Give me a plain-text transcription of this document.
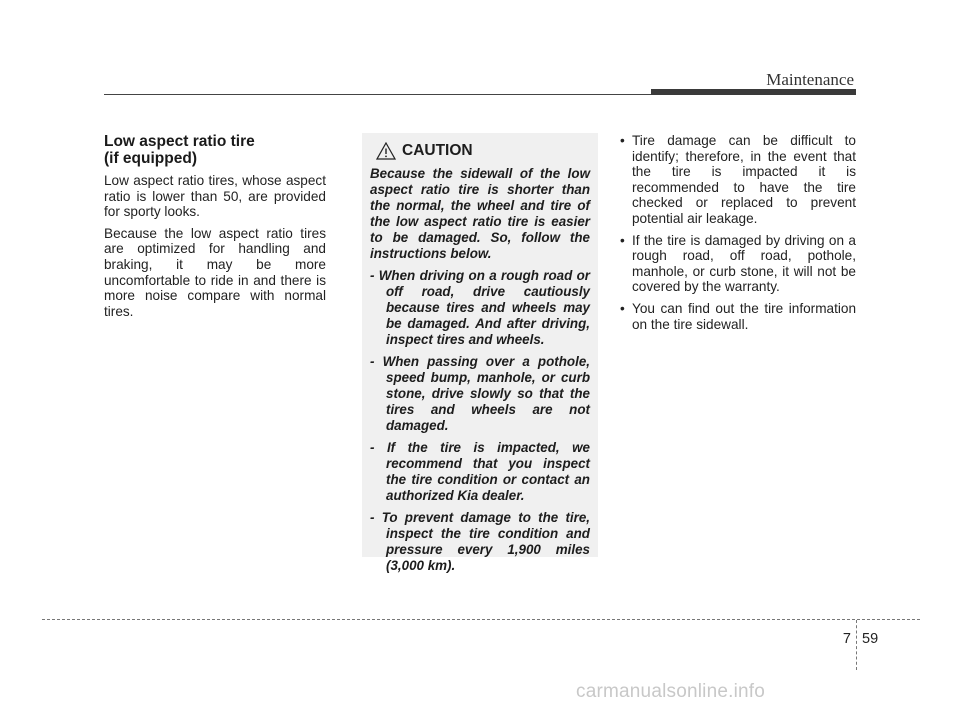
Maintenance
Low aspect ratio tire
(if equipped)

Low aspect ratio tires, whose aspect ratio is lower than 50, are provided for sporty looks.

Because the low aspect ratio tires are optimized for handling and braking, it may be more uncomfortable to ride in and there is more noise compare with normal tires.

CAUTION

Because the sidewall of the low aspect ratio tire is shorter than the normal, the wheel and tire of the low aspect ratio tire is easier to be damaged. So, follow the instructions below.

- When driving on a rough road or off road, drive cautiously because tires and wheels may be damaged. And after driving, inspect tires and wheels.
- When passing over a pothole, speed bump, manhole, or curb stone, drive slowly so that the tires and wheels are not damaged.
- If the tire is impacted, we recommend that you inspect the tire condition or contact an authorized Kia dealer.
- To prevent damage to the tire, inspect the tire condition and pressure every 1,900 miles (3,000 km).
• Tire damage can be difficult to identify; therefore, in the event that the tire is impacted it is recommended to have the tire checked or replaced to prevent potential air leakage.
• If the tire is damaged by driving on a rough road, off road, pothole, manhole, or curb stone, it will not be covered by the warranty.
• You can find out the tire information on the tire sidewall.
7 59
carmanualsonline.info
